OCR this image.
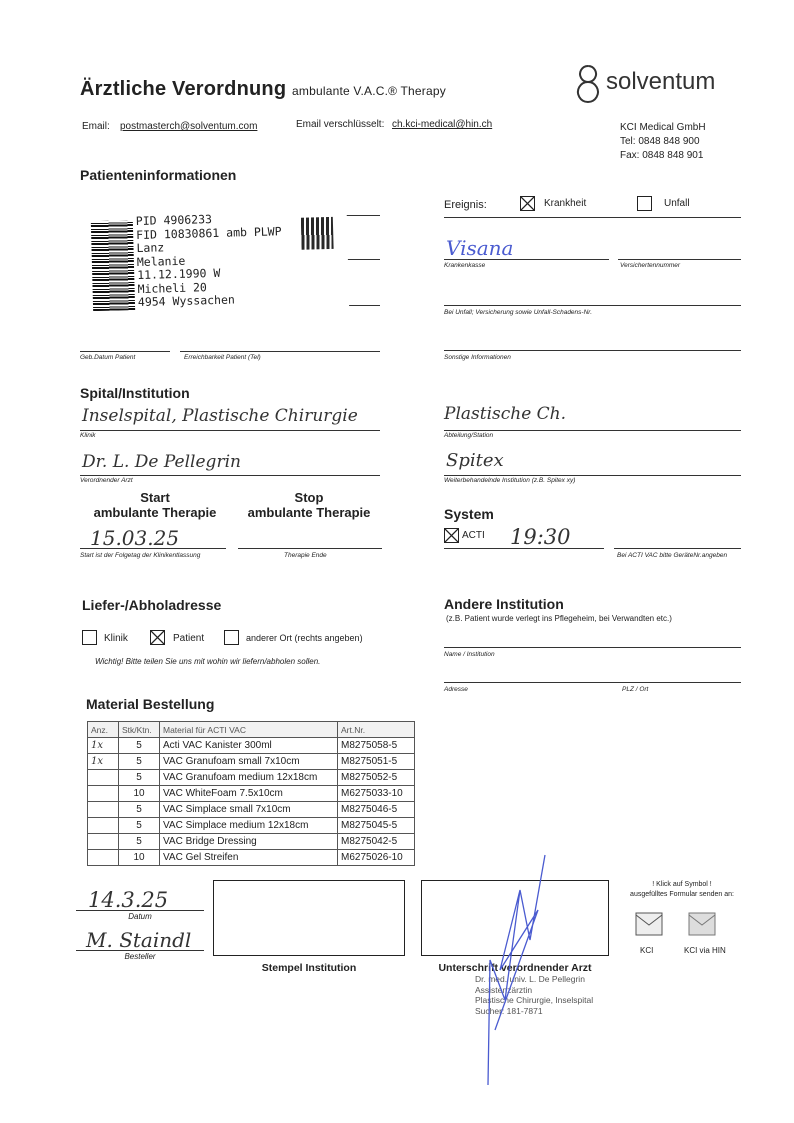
Ärztliche Verordnung ambulante V.A.C.® Therapy	solventum
Email: postmasterch@solventum.com	Email verschlüsselt: ch.kci-medical@hin.ch	KCI Medical GmbH
Tel: 0848 848 900
Fax: 0848 848 901
Patienteninformationen
PID 4906233
FID 10830861 amb PLWP
Lanz
Melanie
11.12.1990 W
Micheli 20
4954 Wyssachen
Geb.Datum Patient	Erreichbarkeit Patient (Tel)
Ereignis:	Krankheit	Unfall
Visana
Krankenkasse	Versichertennummer
Bei Unfall; Versicherung sowie Unfall-Schadens-Nr.
Sonstige Informationen
Spital/Institution
Inselspital, Plastische Chirurgie
Klinik
Plastische Ch.
Abteilung/Station
Dr. L. De Pellegrin
Verordnender Arzt
Spitex
Weiterbehandelnde Institution (z.B. Spitex xy)
Start
ambulante Therapie
Stop
ambulante Therapie
15.03.25
Start ist der Folgetag der Klinikentlassung	Therapie Ende
System
ACTI 19:30
Bei ACTI VAC bitte GeräteNr.angeben
Liefer-/Abholadresse
Klinik	Patient	anderer Ort (rechts angeben)
Wichtig! Bitte teilen Sie uns mit wohin wir liefern/abholen sollen.
Andere Institution
(z.B. Patient wurde verlegt ins Pflegeheim, bei Verwandten etc.)
Name / Institution
Adresse	PLZ / Ort
Material Bestellung
Anz.	Stk/Ktn.	Material für ACTI VAC	Art.Nr.
1x	5	Acti VAC Kanister 300ml	M8275058-5
1x	5	VAC Granufoam small 7x10cm	M8275051-5
	5	VAC Granufoam medium 12x18cm	M8275052-5
	10	VAC WhiteFoam 7.5x10cm	M6275033-10
	5	VAC Simplace small 7x10cm	M8275046-5
	5	VAC Simplace medium 12x18cm	M8275045-5
	5	VAC Bridge Dressing	M8275042-5
	10	VAC Gel Streifen	M6275026-10
14.3.25
Datum
M. Staindl
Besteller
Stempel Institution	Unterschrift verordnender Arzt
Dr. med. univ. L. De Pellegrin
Assistenzärztin
Plastische Chirurgie, Inselspital
Sucher: 181-7871
! Klick auf Symbol !
ausgefülltes Formular senden an:
KCI	KCI via HIN
